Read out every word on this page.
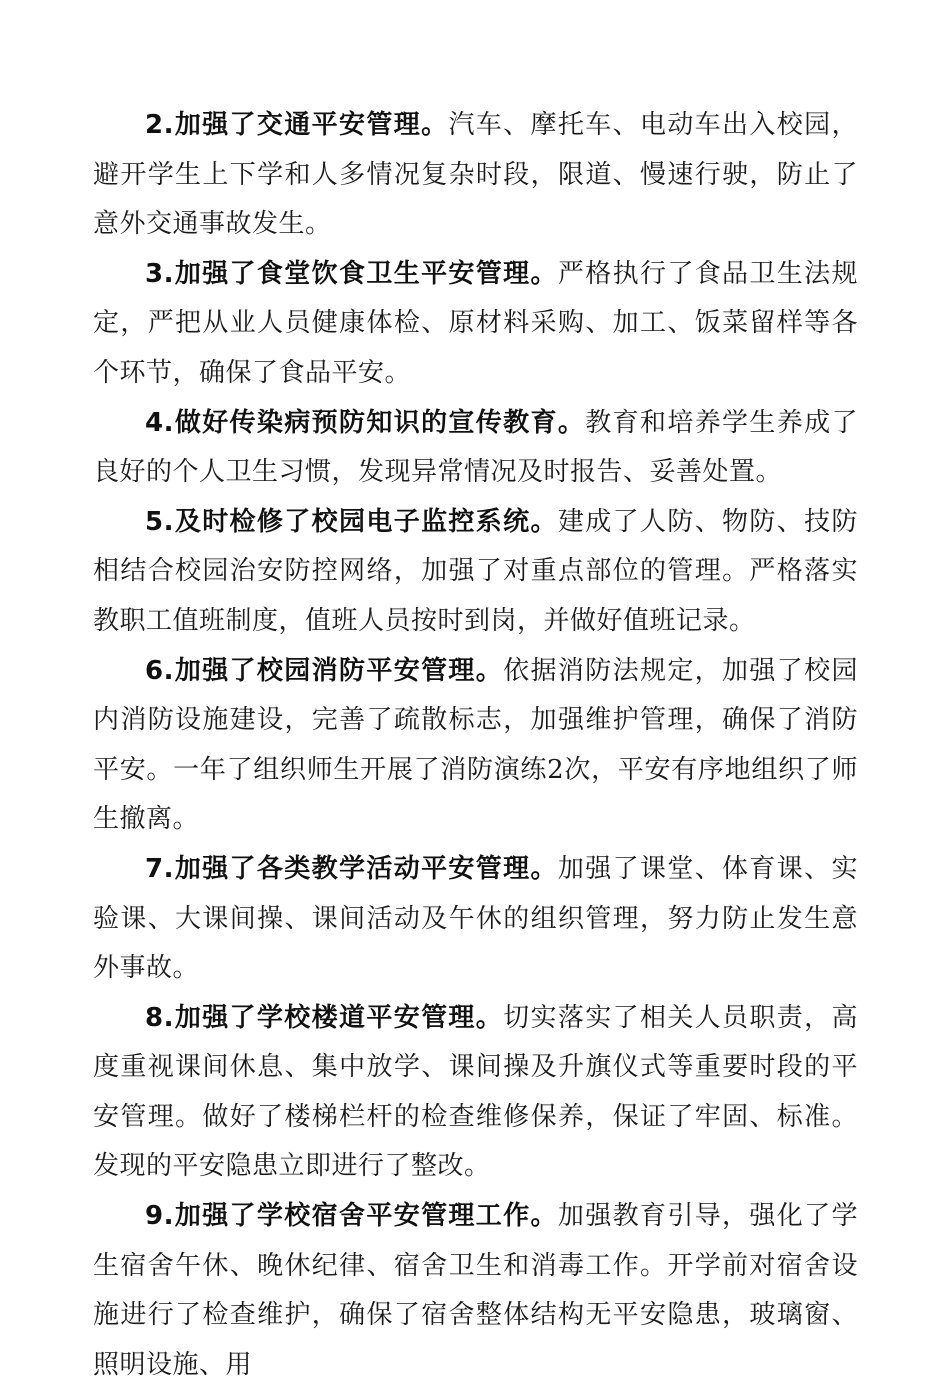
2.加强了交通平安管理。汽车、摩托车、电动车出入校园，避开学生上下学和人多情况复杂时段，限道、慢速行驶，防止了意外交通事故发生。

3.加强了食堂饮食卫生平安管理。严格执行了食品卫生法规定，严把从业人员健康体检、原材料采购、加工、饭菜留样等各个环节，确保了食品平安。

4.做好传染病预防知识的宣传教育。教育和培养学生养成了良好的个人卫生习惯，发现异常情况及时报告、妥善处置。

5.及时检修了校园电子监控系统。建成了人防、物防、技防相结合校园治安防控网络，加强了对重点部位的管理。严格落实教职工值班制度，值班人员按时到岗，并做好值班记录。

6.加强了校园消防平安管理。依据消防法规定，加强了校园内消防设施建设，完善了疏散标志，加强维护管理，确保了消防平安。一年了组织师生开展了消防演练2次，平安有序地组织了师生撤离。

7.加强了各类教学活动平安管理。加强了课堂、体育课、实验课、大课间操、课间活动及午休的组织管理，努力防止发生意外事故。

8.加强了学校楼道平安管理。切实落实了相关人员职责，高度重视课间休息、集中放学、课间操及升旗仪式等重要时段的平安管理。做好了楼梯栏杆的检查维修保养，保证了牢固、标准。发现的平安隐患立即进行了整改。

9.加强了学校宿舍平安管理工作。加强教育引导，强化了学生宿舍午休、晚休纪律、宿舍卫生和消毒工作。开学前对宿舍设施进行了检查维护，确保了宿舍整体结构无平安隐患，玻璃窗、照明设施、用
